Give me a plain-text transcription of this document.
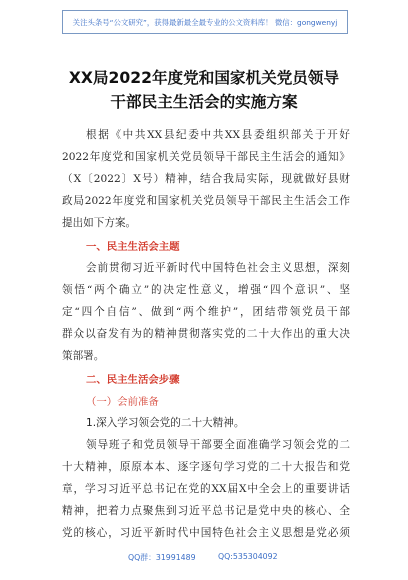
关注头条号“公文研究”，获得最新最全最专业的公文资料库！ 微信：gongwenyj
XX局2022年度党和国家机关党员领导
干部民主生活会的实施方案
根据《中共XX县纪委中共XX县委组织部关于开好
2022年度党和国家机关党员领导干部民主生活会的通知》
（X〔2022〕X号）精神，结合我局实际，现就做好县财
政局2022年度党和国家机关党员领导干部民主生活会工作
提出如下方案。
一、民主生活会主题
会前贯彻习近平新时代中国特色社会主义思想，深刻
领悟“两个确立”的决定性意义，增强“四个意识”、坚
定“四个自信”、做到“两个维护”，团结带领党员干部
群众以奋发有为的精神贯彻落实党的二十大作出的重大决
策部署。
二、民主生活会步骤
（一）会前准备
1.深入学习领会党的二十大精神。
领导班子和党员领导干部要全面准确学习领会党的二
十大精神，原原本本、逐字逐句学习党的二十大报告和党
章，学习习近平总书记在党的XX届X中全会上的重要讲话
精神，把着力点聚焦到习近平总书记是党中央的核心、全
党的核心，习近平新时代中国特色社会主义思想是党必须
QQ群：31991489	QQ:535304092
